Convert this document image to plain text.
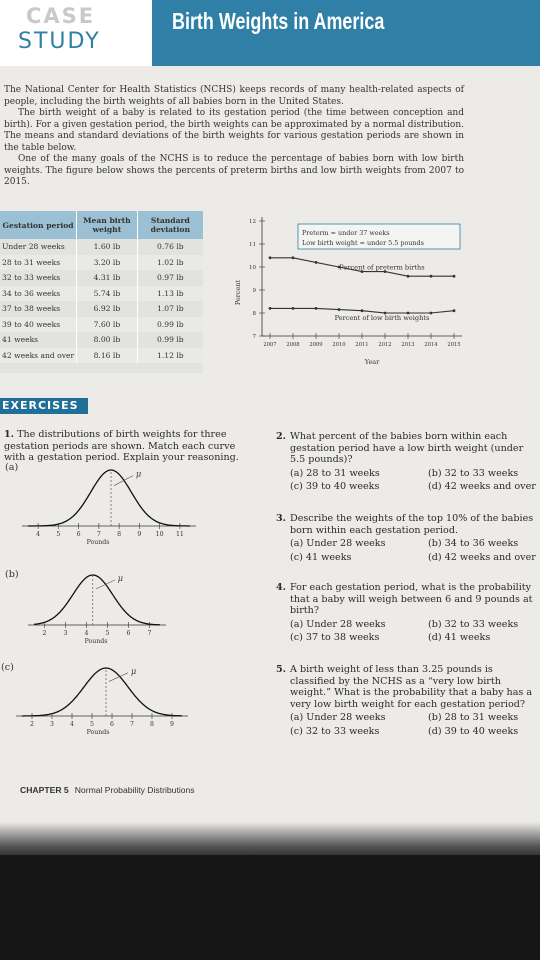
CASE
STUDY
Birth Weights in America

The National Center for Health Statistics (NCHS) keeps records of many health-related aspects of people, including the birth weights of all babies born in the United States.

The birth weight of a baby is related to its gestation period (the time between conception and birth). For a given gestation period, the birth weights can be approximated by a normal distribution. The means and standard deviations of the birth weights for various gestation periods are shown in the table below.

One of the many goals of the NCHS is to reduce the percentage of babies born with low birth weights. The figure below shows the percents of preterm births and low birth weights from 2007 to 2015.

Gestation period	Mean birth weight	Standard deviation
Under 28 weeks	1.60 lb	0.76 lb
28 to 31 weeks	3.20 lb	1.02 lb
32 to 33 weeks	4.31 lb	0.97 lb
34 to 36 weeks	5.74 lb	1.13 lb
37 to 38 weeks	6.92 lb	1.07 lb
39 to 40 weeks	7.60 lb	0.99 lb
41 weeks	8.00 lb	0.99 lb
42 weeks and over	8.16 lb	1.12 lb
7
8
9
10
11
12
2007 2008 2009 2010 2011 2012 2013 2014 2015
Year
Percent
Preterm = under 37 weeks
Low birth weight = under 5.5 pounds
Percent of preterm births
Percent of low birth weights
EXERCISES
1. The distributions of birth weights for three gestation periods are shown. Match each curve with a gestation period. Explain your reasoning.
μ
4	5	6	7	8	9 10 11
Pounds
(a)
μ
2	3	4	5	6	7
Pounds
(b)
μ
2	3	4	5	6	7	8	9
Pounds
(c)
2. What percent of the babies born within each gestation period have a low birth weight (under 5.5 pounds)?
(a) 28 to 31 weeks	(b) 32 to 33 weeks
(c) 39 to 40 weeks	(d) 42 weeks and over
3. Describe the weights of the top 10% of the babies born within each gestation period.
(a) Under 28 weeks	(b) 34 to 36 weeks
(c) 41 weeks	(d) 42 weeks and over
4. For each gestation period, what is the probability that a baby will weigh between 6 and 9 pounds at birth?
(a) Under 28 weeks	(b) 32 to 33 weeks
(c) 37 to 38 weeks	(d) 41 weeks
5. A birth weight of less than 3.25 pounds is classified by the NCHS as a “very low birth weight.” What is the probability that a baby has a very low birth weight for each gestation period?
(a) Under 28 weeks	(b) 28 to 31 weeks
(c) 32 to 33 weeks	(d) 39 to 40 weeks
CHAPTER 5 Normal Probability Distributions
